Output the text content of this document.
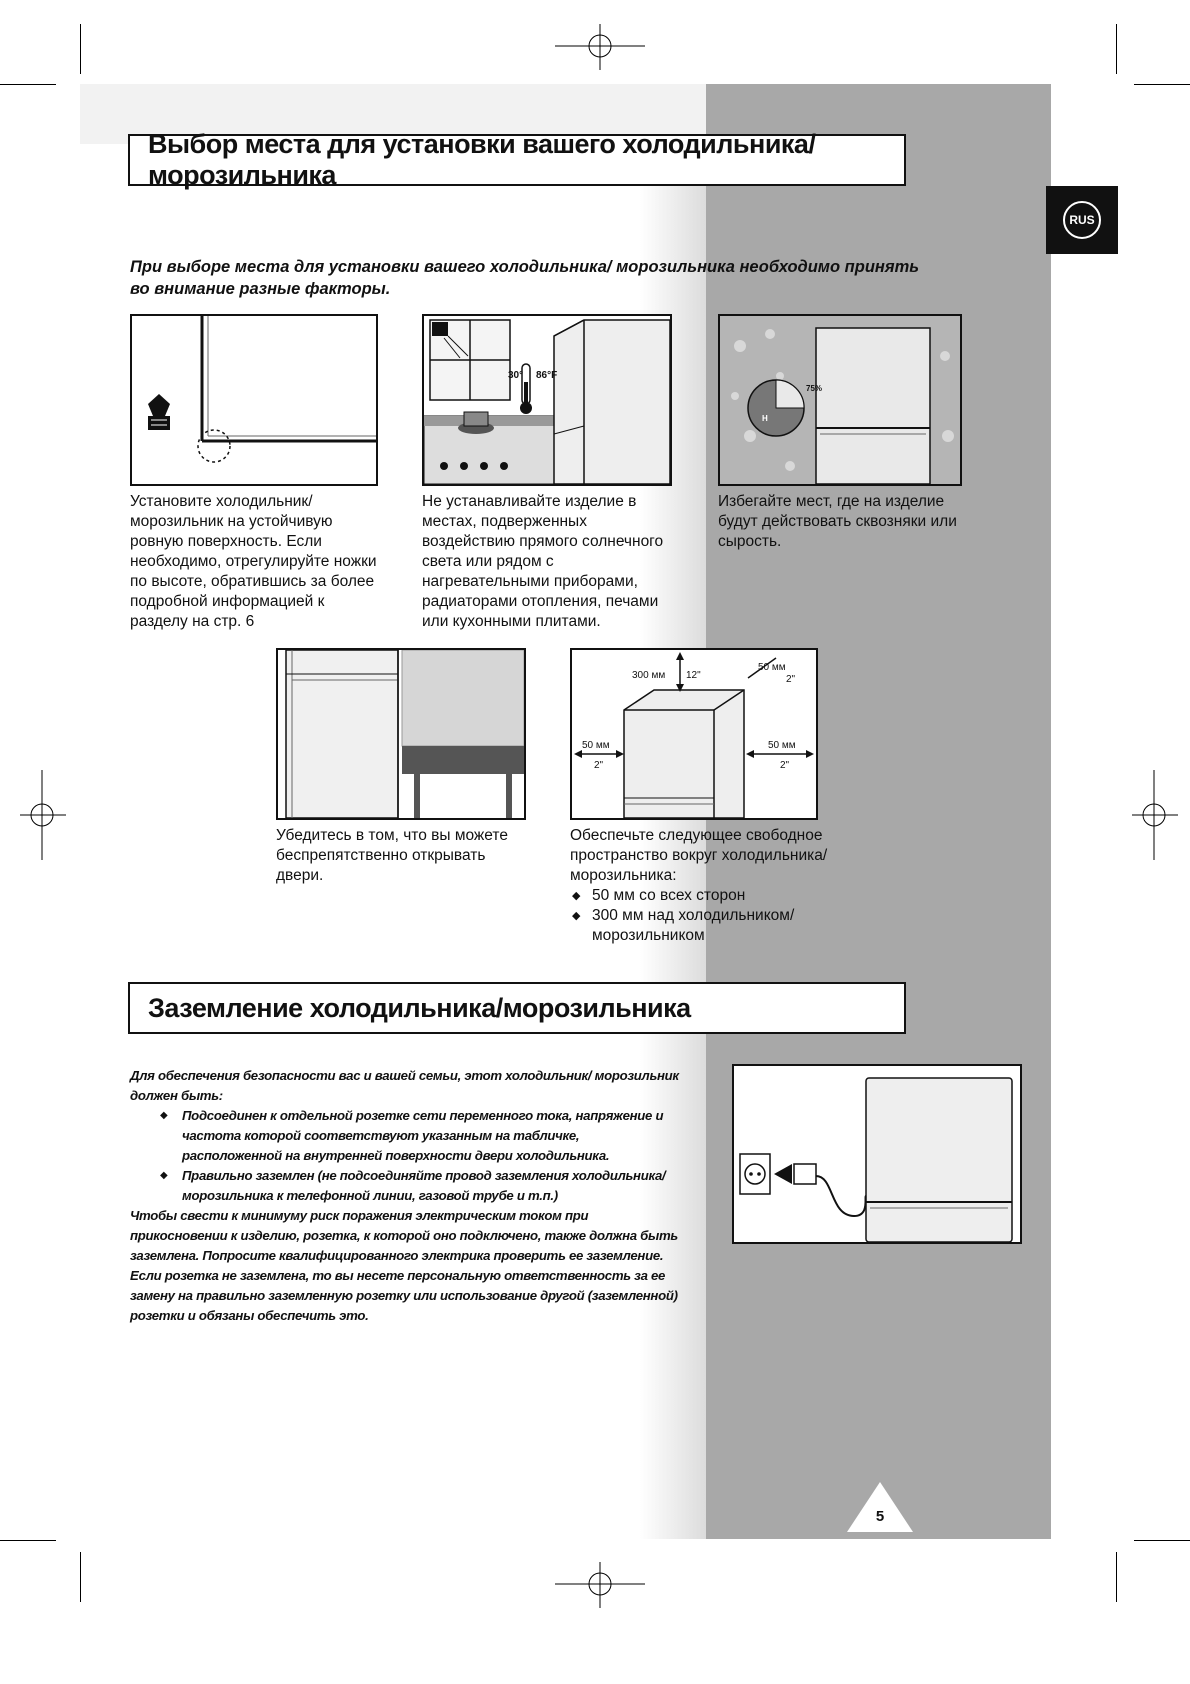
RUS
Выбор места для установки вашего холодильника/ морозильника
При выборе места для установки вашего холодильника/ морозильника необходимо принять во внимание разные факторы.
Установите холодильник/ морозильник на устойчивую ровную поверхность. Если необходимо, отрегулируйте ножки по высоте, обратившись за более подробной информацией к разделу на стр. 6
30° 86°F
Не устанавливайте изделие в местах, подверженных воздействию прямого солнечного света или рядом с нагревательными приборами, радиаторами отопления, печами или кухонными плитами.
75%
H
Избегайте мест, где на изделие будут действовать сквозняки или сырость.
Убедитесь в том, что вы можете беспрепятственно открывать двери.
300 мм 12"
50 мм
2"
50 мм
2"
50 мм
2"
Обеспечьте следующее свободное пространство вокруг холодильника/ морозильника:
◆ 50 мм со всех сторон
◆ 300 мм над холодильником/ морозильником
Заземление холодильника/морозильника
Для обеспечения безопасности вас и вашей семьи, этот холодильник/ морозильник должен быть:
◆ Подсоединен к отдельной розетке сети переменного тока, напряжение и частота которой соответствуют указанным на табличке, расположенной на внутренней поверхности двери холодильника.
◆ Правильно заземлен (не подсоединяйте провод заземления холодильника/ морозильника к телефонной линии, газовой трубе и т.п.)
Чтобы свести к минимуму риск поражения электрическим током при прикосновении к изделию, розетка, к которой оно подключено, также должна быть заземлена. Попросите квалифицированного электрика проверить ее заземление. Если розетка не заземлена, то вы несете персональную ответственность за ее замену на правильно заземленную розетку или использование другой (заземленной) розетки и обязаны обеспечить это.
5
